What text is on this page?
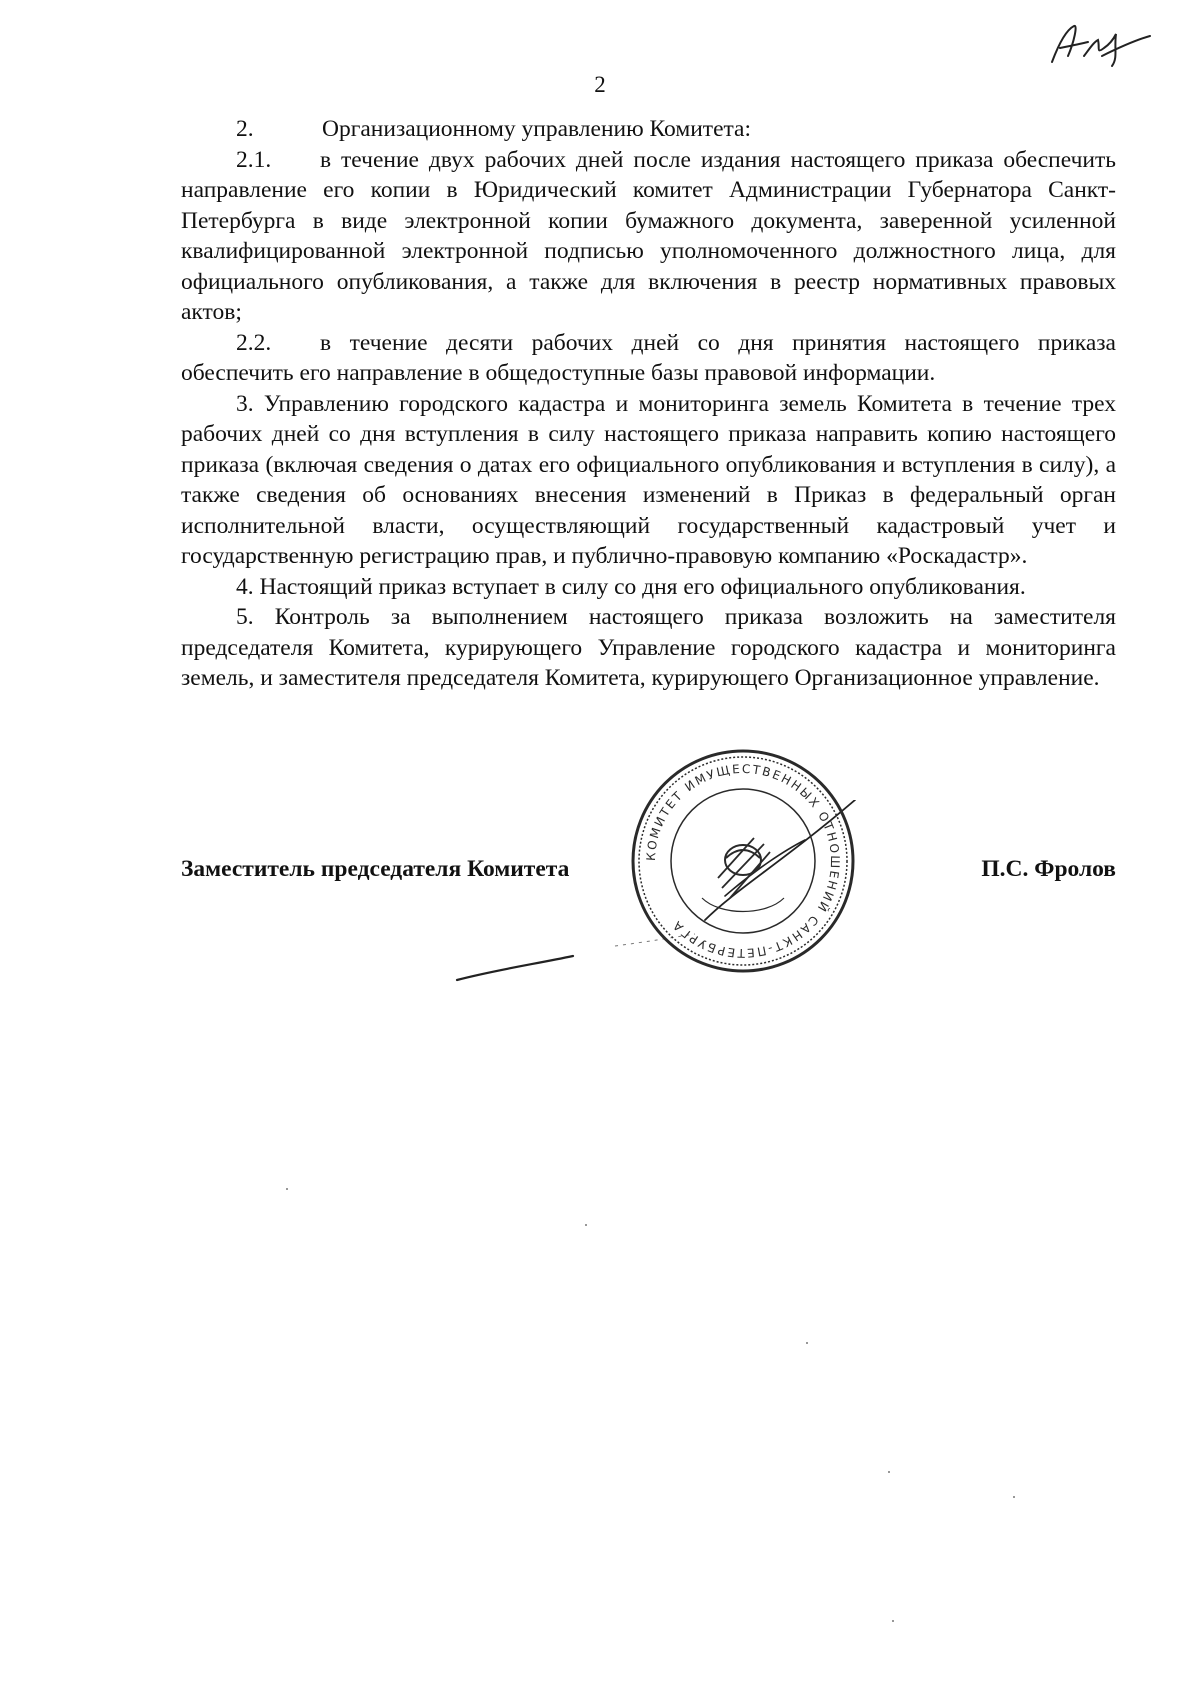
2

2.	Организационному управлению Комитета:

2.1. в течение двух рабочих дней после издания настоящего приказа обеспечить направление его копии в Юридический комитет Администрации Губернатора Санкт-Петербурга в виде электронной копии бумажного документа, заверенной усиленной квалифицированной электронной подписью уполномоченного должностного лица, для официального опубликования, а также для включения в реестр нормативных правовых актов;

2.2. в течение десяти рабочих дней со дня принятия настоящего приказа обеспечить его направление в общедоступные базы правовой информации.

3. Управлению городского кадастра и мониторинга земель Комитета в течение трех рабочих дней со дня вступления в силу настоящего приказа направить копию настоящего приказа (включая сведения о датах его официального опубликования и вступления в силу), а также сведения об основаниях внесения изменений в Приказ в федеральный орган исполнительной власти, осуществляющий государственный кадастровый учет и государственную регистрацию прав, и публично-правовую компанию «Роскадастр».

4. Настоящий приказ вступает в силу со дня его официального опубликования.

5. Контроль за выполнением настоящего приказа возложить на заместителя председателя Комитета, курирующего Управление городского кадастра и мониторинга земель, и заместителя председателя Комитета, курирующего Организационное управление.

КОМИТЕТ ИМУЩЕСТВЕННЫХ ОТНОШЕНИЙ САНКТ-ПЕТЕРБУРГА
Заместитель председателя Комитета	П.С. Фролов
